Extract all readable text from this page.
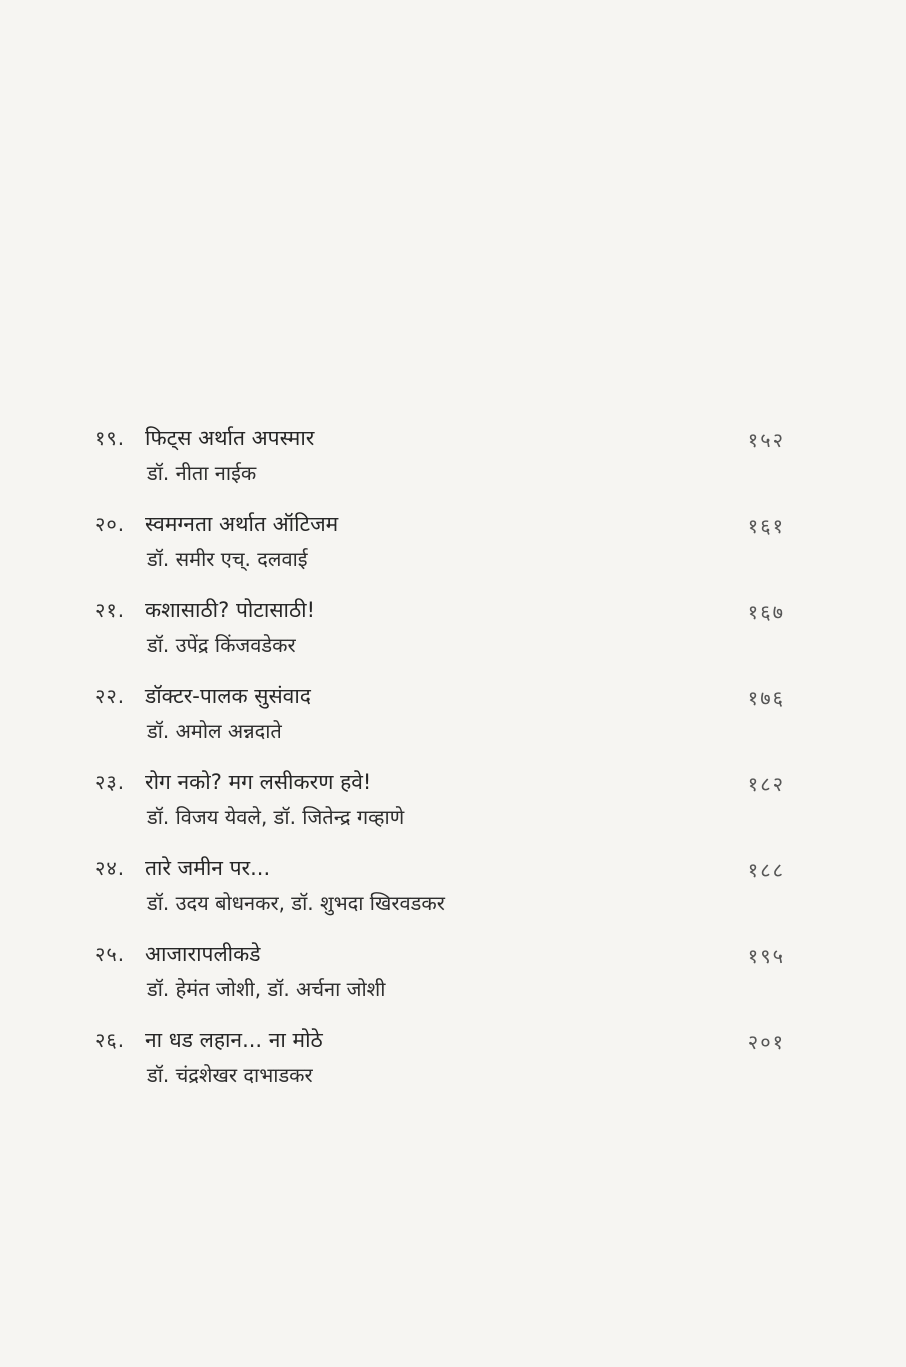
१९. फिट्स अर्थात अपस्मार	१५२
डॉ. नीता नाईक
२०. स्वमग्नता अर्थात ऑटिजम	१६१
डॉ. समीर एच्. दलवाई
२१. कशासाठी? पोटासाठी!	१६७
डॉ. उपेंद्र किंजवडेकर
२२. डॉक्टर-पालक सुसंवाद	१७६
डॉ. अमोल अन्नदाते
२३. रोग नको? मग लसीकरण हवे!	१८२
डॉ. विजय येवले, डॉ. जितेन्द्र गव्हाणे
२४. तारे जमीन पर...	१८८
डॉ. उदय बोधनकर, डॉ. शुभदा खिरवडकर
२५. आजारापलीकडे	१९५
डॉ. हेमंत जोशी, डॉ. अर्चना जोशी
२६. ना धड लहान... ना मोठे	२०१
डॉ. चंद्रशेखर दाभाडकर
